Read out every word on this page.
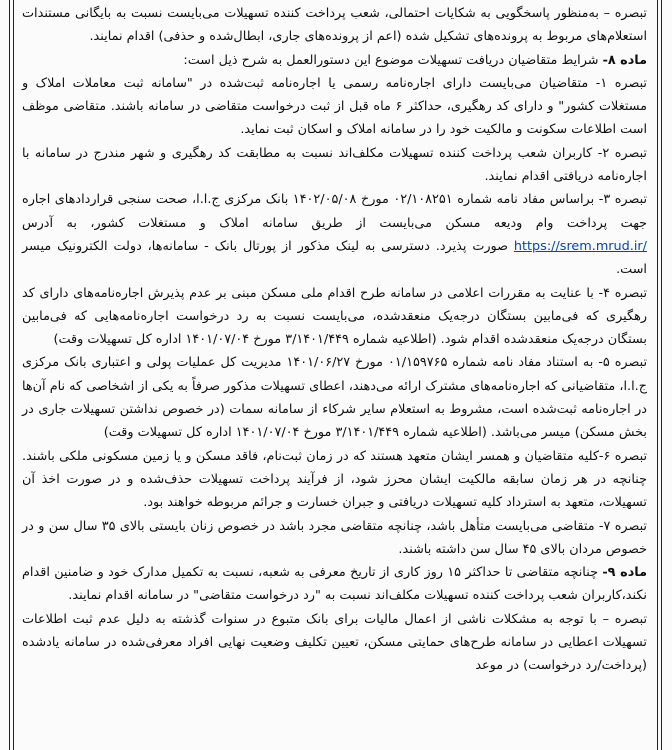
تبصره – به‌منظور پاسخگویی به شکایات احتمالی، شعب پرداخت کننده تسهیلات می‌بایست نسبت به بایگانی مستندات استعلام‌های مربوط به پرونده‌های تشکیل شده (اعم از پرونده‌های جاری، ابطال‌شده و حذفی) اقدام نمایند.

ماده ۸- شرایط متقاضیان دریافت تسهیلات موضوع این دستورالعمل به شرح ذیل است:

تبصره ۱- متقاضیان می‌بایست دارای اجاره‌نامه رسمی یا اجاره‌نامه ثبت‌شده در "سامانه ثبت معاملات املاک و مستغلات کشور" و دارای کد رهگیری، حداکثر ۶ ماه قبل از ثبت درخواست متقاضی در سامانه باشند. متقاضی موظف است اطلاعات سکونت و مالکیت خود را در سامانه املاک و اسکان ثبت نماید.

تبصره ۲- کاربران شعب پرداخت کننده تسهیلات مکلف‌اند نسبت به مطابقت کد رهگیری و شهر مندرج در سامانه با اجاره‌نامه دریافتی اقدام نمایند.

تبصره ۳- براساس مفاد نامه شماره ۰۲/۱۰۸۲۵۱ مورخ ۱۴۰۲/۰۵/۰۸ بانک مرکزی ج.ا.ا، صحت سنجی قراردادهای اجاره جهت پرداخت وام ودیعه مسکن می‌بایست از طریق سامانه املاک و مستغلات کشور، به آدرس https://srem.mrud.ir/ صورت پذیرد. دسترسی به لینک مذکور از پورتال بانک - سامانه‌ها، دولت الکترونیک میسر است.

تبصره ۴- با عنایت به مقررات اعلامی در سامانه طرح اقدام ملی مسکن مبنی بر عدم پذیرش اجاره‌نامه‌های دارای کد رهگیری که فی‌مابین بستگان درجه‌یک منعقدشده، می‌بایست نسبت به رد درخواست اجاره‌نامه‌هایی که فی‌مابین بستگان درجه‌یک منعقدشده اقدام شود. (اطلاعیه شماره ۳/۱۴۰۱/۴۴۹ مورخ ۱۴۰۱/۰۷/۰۴ اداره کل تسهیلات وقت)

تبصره ۵- به استناد مفاد نامه شماره ۰۱/۱۵۹۷۶۵ مورخ ۱۴۰۱/۰۶/۲۷ مدیریت کل عملیات پولی و اعتباری بانک مرکزی ج.ا.ا، متقاضیانی که اجاره‌نامه‌های مشترک ارائه می‌دهند، اعطای تسهیلات مذکور صرفاً به یکی از اشخاصی که نام آن‌ها در اجاره‌نامه ثبت‌شده است، مشروط به استعلام سایر شرکاء از سامانه سمات (در خصوص نداشتن تسهیلات جاری در بخش مسکن) میسر می‌باشد. (اطلاعیه شماره ۳/۱۴۰۱/۴۴۹ مورخ ۱۴۰۱/۰۷/۰۴ اداره کل تسهیلات وقت)

تبصره ۶-کلیه متقاضیان و همسر ایشان متعهد هستند که در زمان ثبت‌نام، فاقد مسکن و یا زمین مسکونی ملکی باشند. چنانچه در هر زمان سابقه مالکیت ایشان محرز شود، از فرآیند پرداخت تسهیلات حذف‌شده و در صورت اخذ آن تسهیلات، متعهد به استرداد کلیه تسهیلات دریافتی و جبران خسارت و جرائم مربوطه خواهند بود.

تبصره ۷- متقاضی می‌بایست متأهل باشد، چنانچه متقاضی مجرد باشد در خصوص زنان بایستی بالای ۳۵ سال سن و در خصوص مردان بالای ۴۵ سال سن داشته باشند.

ماده ۹- چنانچه متقاضی تا حداکثر ۱۵ روز کاری از تاریخ معرفی به شعبه، نسبت به تکمیل مدارک خود و ضامنین اقدام نکند،کاربران شعب پرداخت کننده تسهیلات مکلف‌اند نسبت به "رد درخواست متقاضی" در سامانه اقدام نمایند.

تبصره – با توجه به مشکلات ناشی از اعمال مالیات برای بانک متبوع در سنوات گذشته به دلیل عدم ثبت اطلاعات تسهیلات اعطایی در سامانه طرح‌های حمایتی مسکن، تعیین تکلیف وضعیت نهایی افراد معرفی‌شده در سامانه یادشده (پرداخت/رد درخواست) در موعد
